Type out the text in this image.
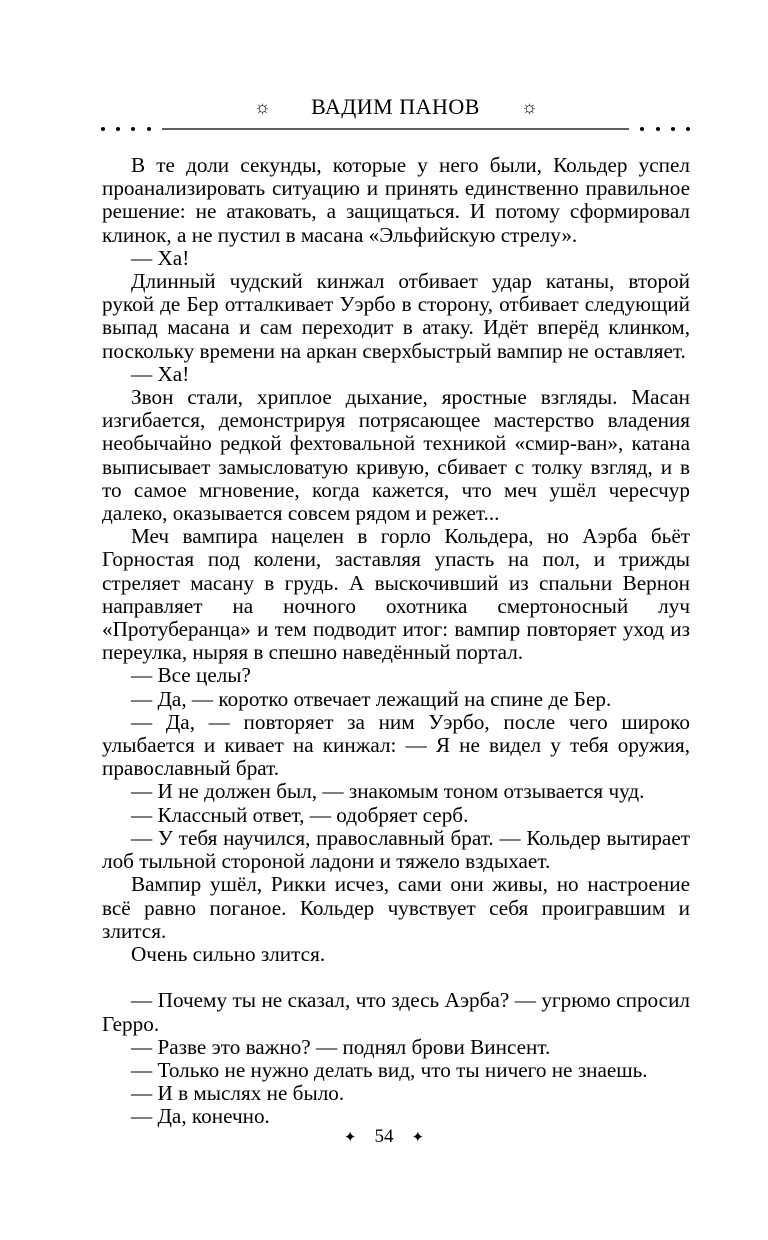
☼ ВАДИМ ПАНОВ ☼

В те доли секунды, которые у него были, Кольдер успел проанализировать ситуацию и принять единственно правильное решение: не атаковать, а защищаться. И потому сформировал клинок, а не пустил в масана «Эльфийскую стрелу».

— Ха!

Длинный чудский кинжал отбивает удар катаны, второй рукой де Бер отталкивает Уэрбо в сторону, отбивает следующий выпад масана и сам переходит в атаку. Идёт вперёд клинком, поскольку времени на аркан сверхбыстрый вампир не оставляет.

— Ха!

Звон стали, хриплое дыхание, яростные взгляды. Масан изгибается, демонстрируя потрясающее мастерство владения необычайно редкой фехтовальной техникой «смир-ван», катана выписывает замысловатую кривую, сбивает с толку взгляд, и в то самое мгновение, когда кажется, что меч ушёл чересчур далеко, оказывается совсем рядом и режет...

Меч вампира нацелен в горло Кольдера, но Аэрба бьёт Горностая под колени, заставляя упасть на пол, и трижды стреляет масану в грудь. А выскочивший из спальни Вернон направляет на ночного охотника смертоносный луч «Протуберанца» и тем подводит итог: вампир повторяет уход из переулка, ныряя в спешно наведённый портал.

— Все целы?

— Да, — коротко отвечает лежащий на спине де Бер.

— Да, — повторяет за ним Уэрбо, после чего широко улыбается и кивает на кинжал: — Я не видел у тебя оружия, православный брат.

— И не должен был, — знакомым тоном отзывается чуд.

— Классный ответ, — одобряет серб.

— У тебя научился, православный брат. — Кольдер вытирает лоб тыльной стороной ладони и тяжело вздыхает.

Вампир ушёл, Рикки исчез, сами они живы, но настроение всё равно поганое. Кольдер чувствует себя проигравшим и злится.

Очень сильно злится.

— Почему ты не сказал, что здесь Аэрба? — угрюмо спросил Герро.

— Разве это важно? — поднял брови Винсент.

— Только не нужно делать вид, что ты ничего не знаешь.

— И в мыслях не было.

— Да, конечно.

✦ 54 ✦
